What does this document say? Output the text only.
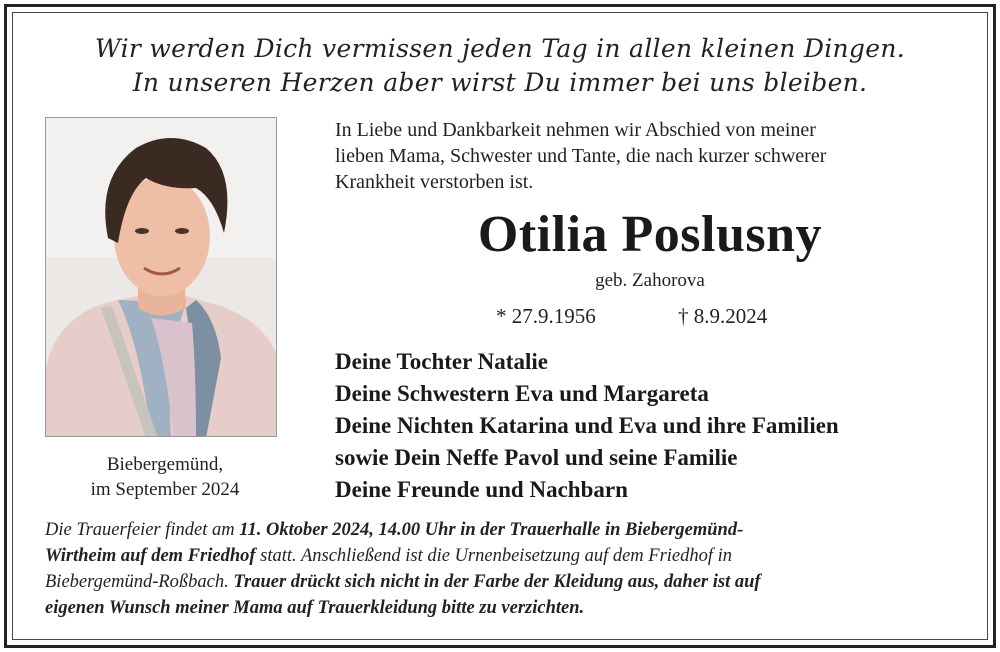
Wir werden Dich vermissen jeden Tag in allen kleinen Dingen.
In unseren Herzen aber wirst Du immer bei uns bleiben.
Biebergemünd,
im September 2024
In Liebe und Dankbarkeit nehmen wir Abschied von meiner
lieben Mama, Schwester und Tante, die nach kurzer schwerer
Krankheit verstorben ist.
Otilia Poslusny
geb. Zahorova
* 27.9.1956	† 8.9.2024
Deine Tochter Natalie
Deine Schwestern Eva und Margareta
Deine Nichten Katarina und Eva und ihre Familien
sowie Dein Neffe Pavol und seine Familie
Deine Freunde und Nachbarn
Die Trauerfeier findet am 11. Oktober 2024, 14.00 Uhr in der Trauerhalle in Biebergemünd-
Wirtheim auf dem Friedhof statt. Anschließend ist die Urnenbeisetzung auf dem Friedhof in
Biebergemünd-Roßbach. Trauer drückt sich nicht in der Farbe der Kleidung aus, daher ist auf
eigenen Wunsch meiner Mama auf Trauerkleidung bitte zu verzichten.
